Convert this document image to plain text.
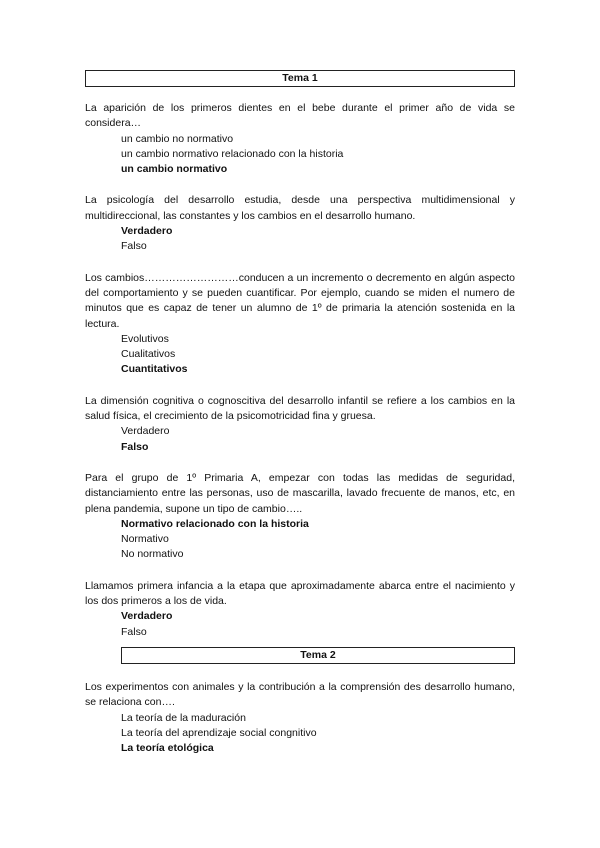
Tema 1

La aparición de los primeros dientes en el bebe durante el primer año de vida se considera…

un cambio no normativo

un cambio normativo relacionado con la historia

un cambio normativo

La psicología del desarrollo estudia, desde una perspectiva multidimensional y multidireccional, las constantes y los cambios en el desarrollo humano.

Verdadero

Falso

Los cambios………………………conducen a un incremento o decremento en algún aspecto del comportamiento y se pueden cuantificar. Por ejemplo, cuando se miden el numero de minutos que es capaz de tener un alumno de 1º de primaria la atención sostenida en la lectura.

Evolutivos

Cualitativos

Cuantitativos

La dimensión cognitiva o cognoscitiva del desarrollo infantil se refiere a los cambios en la salud física, el crecimiento de la psicomotricidad fina y gruesa.

Verdadero

Falso

Para el grupo de 1º Primaria A, empezar con todas las medidas de seguridad, distanciamiento entre las personas, uso de mascarilla, lavado frecuente de manos, etc, en plena pandemia, supone un tipo de cambio…..

Normativo relacionado con la historia

Normativo

No normativo

Llamamos primera infancia a la etapa que aproximadamente abarca entre el nacimiento y los dos primeros a los de vida.

Verdadero

Falso

Tema 2

Los experimentos con animales y la contribución a la comprensión des desarrollo humano, se relaciona con….

La teoría de la maduración

La teoría del aprendizaje social congnitivo

La teoría etológica
